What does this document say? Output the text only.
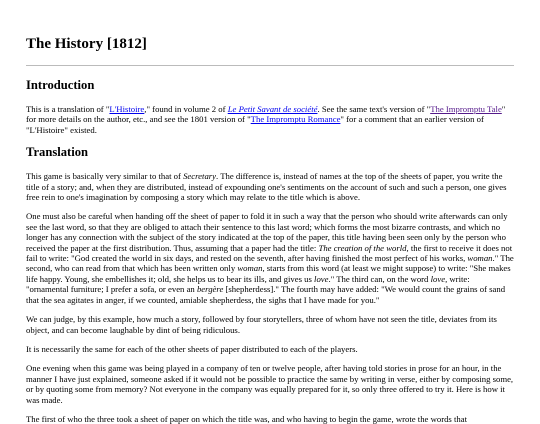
The History [1812]
Introduction

This is a translation of "L'Histoire," found in volume 2 of Le Petit Savant de société. See the same text's version of "The Impromptu Tale" for more details on the author, etc., and see the 1801 version of "The Impromptu Romance" for a comment that an earlier version of "L'Histoire" existed.

Translation

This game is basically very similar to that of Secretary. The difference is, instead of names at the top of the sheets of paper, you write the title of a story; and, when they are distributed, instead of expounding one's sentiments on the account of such and such a person, one gives free rein to one's imagination by composing a story which may relate to the title which is above.

One must also be careful when handing off the sheet of paper to fold it in such a way that the person who should write afterwards can only see the last word, so that they are obliged to attach their sentence to this last word; which forms the most bizarre contrasts, and which no longer has any connection with the subject of the story indicated at the top of the paper, this title having been seen only by the person who received the paper at the first distribution. Thus, assuming that a paper had the title: The creation of the world, the first to receive it does not fail to write: "God created the world in six days, and rested on the seventh, after having finished the most perfect of his works, woman." The second, who can read from that which has been written only woman, starts from this word (at least we might suppose) to write: "She makes life happy. Young, she embellishes it; old, she helps us to bear its ills, and gives us love." The third can, on the word love, write: "ornamental furniture; I prefer a sofa, or even an bergère [shepherdess]." The fourth may have added: "We would count the grains of sand that the sea agitates in anger, if we counted, amiable shepherdess, the sighs that I have made for you."

We can judge, by this example, how much a story, followed by four storytellers, three of whom have not seen the title, deviates from its object, and can become laughable by dint of being ridiculous.

It is necessarily the same for each of the other sheets of paper distributed to each of the players.

One evening when this game was being played in a company of ten or twelve people, after having told stories in prose for an hour, in the manner I have just explained, someone asked if it would not be possible to practice the same by writing in verse, either by composing some, or by quoting some from memory? Not everyone in the company was equally prepared for it, so only three offered to try it. Here is how it was made.

The first of who the three took a sheet of paper on which the title was, and who having to begin the game, wrote the words that
